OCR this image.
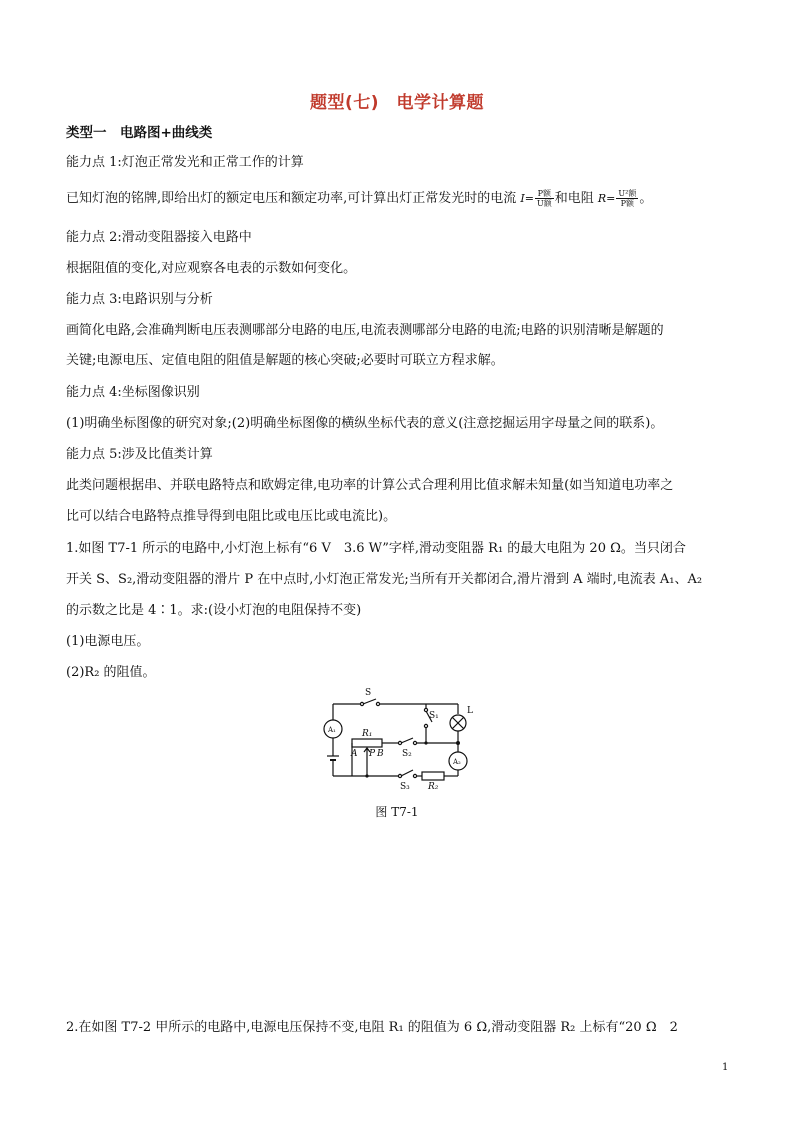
题型(七)　电学计算题
类型一　电路图+曲线类
能力点 1:灯泡正常发光和正常工作的计算
已知灯泡的铭牌,即给出灯的额定电压和额定功率,可计算出灯正常发光时的电流 $I= \frac{\text{P额}}{\text{U额}}$ 和电阻 $R= \frac{\text{U²额}}{\text{P额}}$ 。
能力点 2:滑动变阻器接入电路中
根据阻值的变化,对应观察各电表的示数如何变化。
能力点 3:电路识别与分析
画简化电路,会准确判断电压表测哪部分电路的电压,电流表测哪部分电路的电流;电路的识别清晰是解题的
关键;电源电压、定值电阻的阻值是解题的核心突破;必要时可联立方程求解。
能力点 4:坐标图像识别
(1)明确坐标图像的研究对象;(2)明确坐标图像的横纵坐标代表的意义(注意挖掘运用字母量之间的联系)。
能力点 5:涉及比值类计算
此类问题根据串、并联电路特点和欧姆定律,电功率的计算公式合理利用比值求解未知量(如当知道电功率之
比可以结合电路特点推导得到电阻比或电压比或电流比)。
1.如图 T7-1 所示的电路中,小灯泡上标有“6 V　3.6 W”字样,滑动变阻器 R₁ 的最大电阻为 20 Ω。当只闭合
开关 S、S₂,滑动变阻器的滑片 P 在中点时,小灯泡正常发光;当所有开关都闭合,滑片滑到 A 端时,电流表 A₁、A₂
的示数之比是 4∶1。求:(设小灯泡的电阻保持不变)
(1)电源电压。
(2)R₂ 的阻值。
S
S₁
S₂
S₃
L
A₁
A₂
R₁
R₂
A P B
图 T7-1
2.在如图 T7-2 甲所示的电路中,电源电压保持不变,电阻 R₁ 的阻值为 6 Ω,滑动变阻器 R₂ 上标有“20 Ω　2
1
